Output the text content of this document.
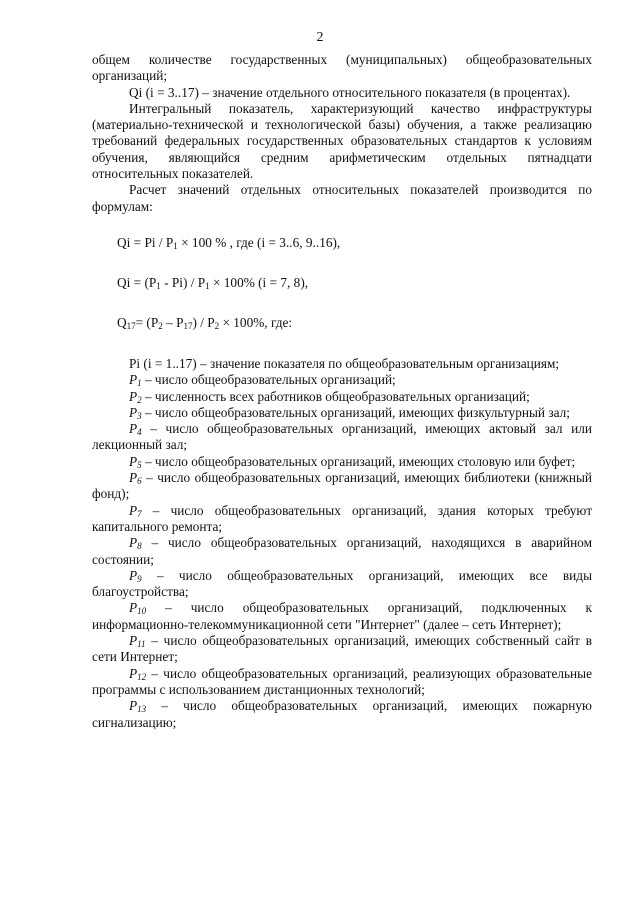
2

общем количестве государственных (муниципальных) общеобразовательных организаций;

Qi (i = 3..17) – значение отдельного относительного показателя (в процентах).

Интегральный показатель, характеризующий качество инфраструктуры (материально-технической и технологической базы) обучения, а также реализацию требований федеральных государственных образовательных стандартов к условиям обучения, являющийся средним арифметическим отдельных пятнадцати относительных показателей.

Расчет значений отдельных относительных показателей производится по формулам:

$Qi = Pi / P_1 \times 100$ % , где (i = 3..6, 9..16),

$Qi = (P_1 - Pi) / P_1 \times 100\%$ (i = 7, 8),

$Q_{17}= (P_2 - P_{17}) / P_2 \times 100\%$, где:

Pi (i = 1..17) – значение показателя по общеобразовательным организациям;

$P_1$ – число общеобразовательных организаций;

$P_2$ – численность всех работников общеобразовательных организаций;

$P_3$ – число общеобразовательных организаций, имеющих физкультурный зал;

$P_4$ – число общеобразовательных организаций, имеющих актовый зал или лекционный зал;

$P_5$ – число общеобразовательных организаций, имеющих столовую или буфет;

$P_6$ – число общеобразовательных организаций, имеющих библиотеки (книжный фонд);

$P_7$ – число общеобразовательных организаций, здания которых требуют капитального ремонта;

$P_8$ – число общеобразовательных организаций, находящихся в аварийном состоянии;

$P_9$ – число общеобразовательных организаций, имеющих все виды благоустройства;

$P_{10}$ – число общеобразовательных организаций, подключенных к информационно-телекоммуникационной сети "Интернет" (далее – сеть Интернет);

$P_{11}$ – число общеобразовательных организаций, имеющих собственный сайт в сети Интернет;

$P_{12}$ – число общеобразовательных организаций, реализующих образовательные программы с использованием дистанционных технологий;

$P_{13}$ – число общеобразовательных организаций, имеющих пожарную сигнализацию;
